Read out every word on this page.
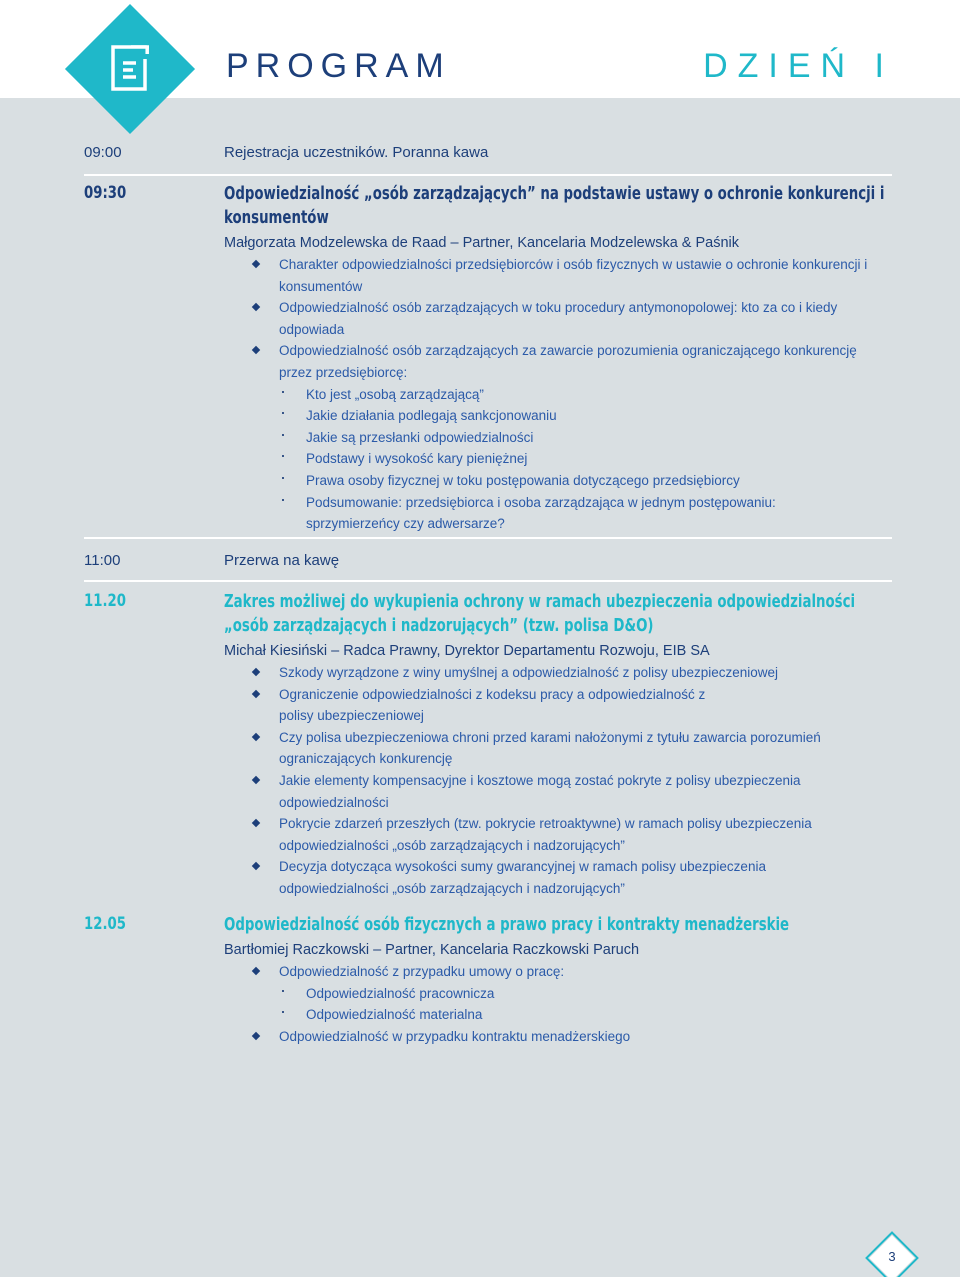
PROGRAM	DZIEŃ I
09:00	Rejestracja uczestników. Poranna kawa
09:30	Odpowiedzialność „osób zarządzających” na podstawie ustawy o ochronie konkurencji i konsumentów
Małgorzata Modzelewska de Raad – Partner, Kancelaria Modzelewska & Paśnik
Charakter odpowiedzialności przedsiębiorców i osób fizycznych w ustawie o ochronie konkurencji i konsumentów
Odpowiedzialność osób zarządzających w toku procedury antymonopolowej: kto za co i kiedy odpowiada
Odpowiedzialność osób zarządzających za zawarcie porozumienia ograniczającego konkurencję przez przedsiębiorcę:
· Kto jest „osobą zarządzającą”
· Jakie działania podlegają sankcjonowaniu
· Jakie są przesłanki odpowiedzialności
· Podstawy i wysokość kary pieniężnej
· Prawa osoby fizycznej w toku postępowania dotyczącego przedsiębiorcy
· Podsumowanie: przedsiębiorca i osoba zarządzająca w jednym postępowaniu: sprzymierzeńcy czy adwersarze?
11:00	Przerwa na kawę
11.20	Zakres możliwej do wykupienia ochrony w ramach ubezpieczenia odpowiedzialności „osób zarządzających i nadzorujących” (tzw. polisa D&O)
Michał Kiesiński – Radca Prawny, Dyrektor Departamentu Rozwoju, EIB SA
Szkody wyrządzone z winy umyślnej a odpowiedzialność z polisy ubezpieczeniowej
Ograniczenie odpowiedzialności z kodeksu pracy a odpowiedzialność z polisy ubezpieczeniowej
Czy polisa ubezpieczeniowa chroni przed karami nałożonymi z tytułu zawarcia porozumień ograniczających konkurencję
Jakie elementy kompensacyjne i kosztowe mogą zostać pokryte z polisy ubezpieczenia odpowiedzialności
Pokrycie zdarzeń przeszłych (tzw. pokrycie retroaktywne) w ramach polisy ubezpieczenia odpowiedzialności „osób zarządzających i nadzorujących”
Decyzja dotycząca wysokości sumy gwarancyjnej w ramach polisy ubezpieczenia odpowiedzialności „osób zarządzających i nadzorujących”
12.05	Odpowiedzialność osób fizycznych a prawo pracy i kontrakty menadżerskie
Bartłomiej Raczkowski – Partner, Kancelaria Raczkowski Paruch
Odpowiedzialność z przypadku umowy o pracę:
· Odpowiedzialność pracownicza
· Odpowiedzialność materialna
Odpowiedzialność w przypadku kontraktu menadżerskiego
3
